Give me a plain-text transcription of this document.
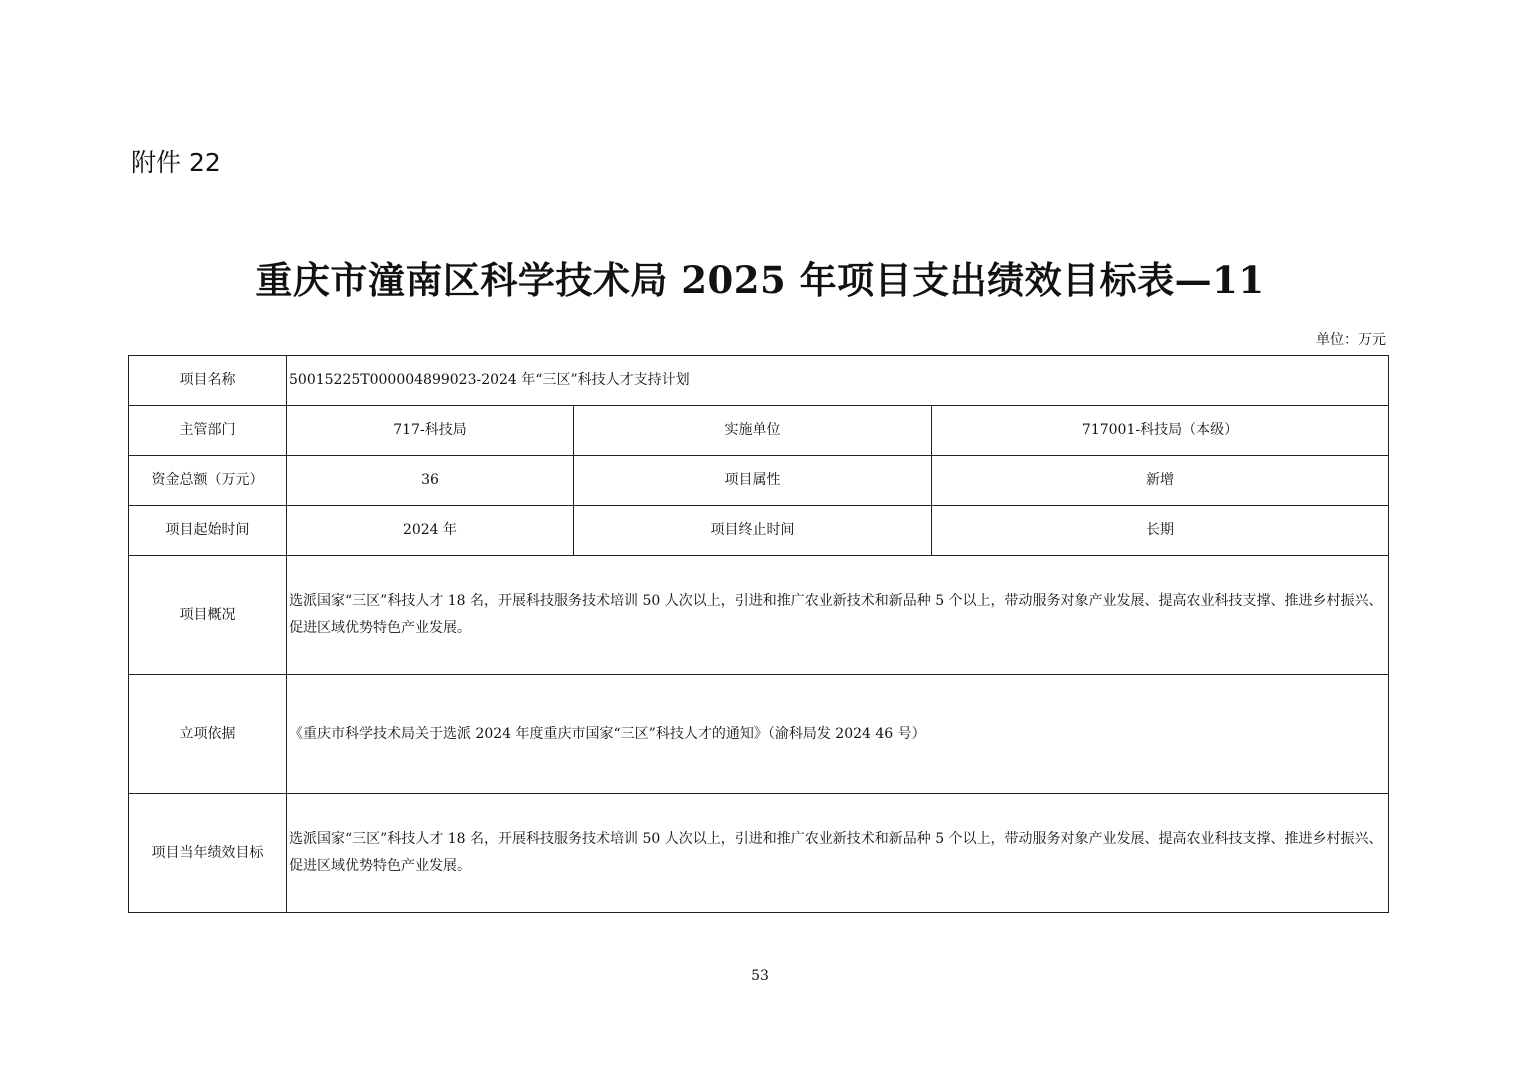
附件 22
重庆市潼南区科学技术局 2025 年项目支出绩效目标表—11
单位：万元
项目名称	50015225T000004899023-2024 年“三区”科技人才支持计划		
主管部门	717-科技局	实施单位	717001-科技局（本级）
资金总额（万元）	36	项目属性	新增
项目起始时间	2024 年	项目终止时间	长期
项目概况	选派国家“三区”科技人才 18 名，开展科技服务技术培训 50 人次以上，引进和推广农业新技术和新品种 5 个以上，带动服务对象产业发展、提高农业科技支撑、推进乡村振兴、促进区域优势特色产业发展。		
立项依据	《重庆市科学技术局关于选派 2024 年度重庆市国家“三区”科技人才的通知》（渝科局发 2024 46 号）		
项目当年绩效目标	选派国家“三区”科技人才 18 名，开展科技服务技术培训 50 人次以上，引进和推广农业新技术和新品种 5 个以上，带动服务对象产业发展、提高农业科技支撑、推进乡村振兴、促进区域优势特色产业发展。		
53
